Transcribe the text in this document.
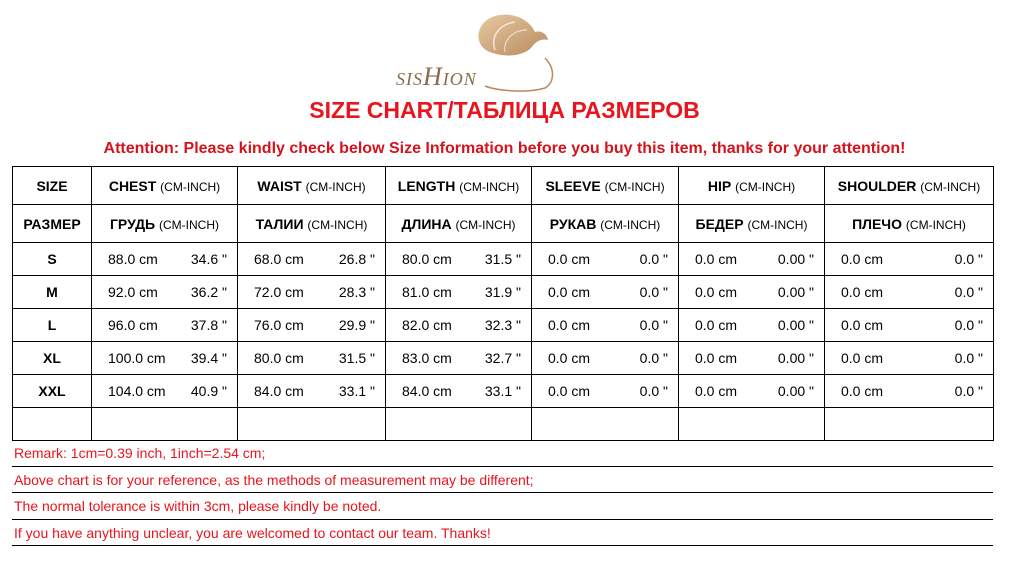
SISHION
SIZE CHART/ТАБЛИЦА РАЗМЕРОВ
Attention: Please kindly check below Size Information before you buy this item, thanks for your attention!
SIZE	CHEST (CM-INCH)	WAIST (CM-INCH)	LENGTH (CM-INCH)	SLEEVE (CM-INCH)	HIP (CM-INCH)	SHOULDER (CM-INCH)
РАЗМЕР	ГРУДЬ (CM-INCH)	ТАЛИИ (CM-INCH)	ДЛИНА (CM-INCH)	РУКАВ (CM-INCH)	БЕДЕР (CM-INCH)	ПЛЕЧО (CM-INCH)
S	88.0 cm 34.6 "	68.0 cm 26.8 "	80.0 cm 31.5 "	0.0 cm 0.0 "	0.0 cm 0.00 "	0.0 cm 0.0 "

M	92.0 cm 36.2 "	72.0 cm 28.3 "	81.0 cm 31.9 "	0.0 cm 0.0 "	0.0 cm 0.00 "	0.0 cm 0.0 "

L	96.0 cm 37.8 "	76.0 cm 29.9 "	82.0 cm 32.3 "	0.0 cm 0.0 "	0.0 cm 0.00 "	0.0 cm 0.0 "

XL	100.0 cm 39.4 "	80.0 cm 31.5 "	83.0 cm 32.7 "	0.0 cm 0.0 "	0.0 cm 0.00 "	0.0 cm 0.0 "

XXL	104.0 cm 40.9 "	84.0 cm 33.1 "	84.0 cm 33.1 "	0.0 cm 0.0 "	0.0 cm 0.00 "	0.0 cm 0.0 "

Remark: 1cm=0.39 inch, 1inch=2.54 cm;
Above chart is for your reference, as the methods of measurement may be different;
The normal tolerance is within 3cm, please kindly be noted.
If you have anything unclear, you are welcomed to contact our team. Thanks!
